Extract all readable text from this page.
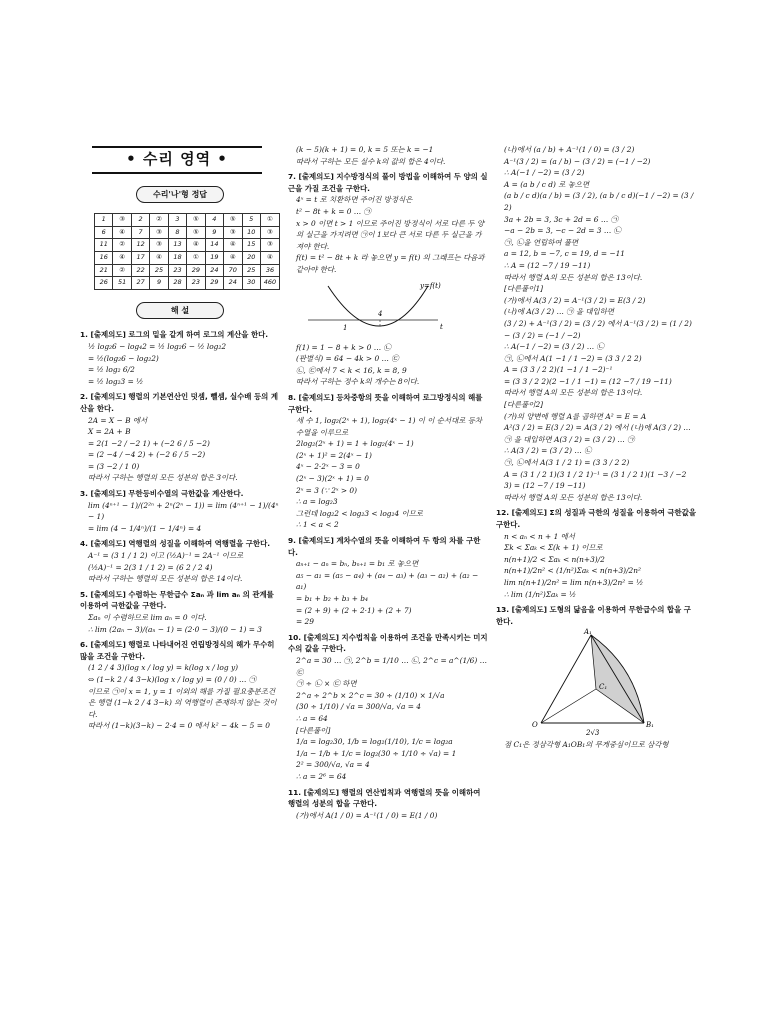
• 수리 영역 •
수리'나'형 정답
1	③	2	②	3	⑤	4	⑤	5	①
6	④	7	③	8	⑤	9	③	10	③
11	②	12	③	13	④	14	④	15	③
16	④	17	④	18	①	19	④	20	④
21	②	22	25	23	29	24	70	25	36
26	51	27	9	28	23	29	24	30	460
해 설
1. [출제의도] 로그의 밑을 같게 하여 로그의 계산을 한다.
½ log₂6 − log₄2 = ½ log₂6 − ½ log₂2
= ½(log₂6 − log₂2)
= ½ log₂ 6/2
= ½ log₂3 = ½
2. [출제의도] 행렬의 기본연산인 덧셈, 뺄셈, 실수배 등의 계산을 한다.
2A = X − B 에서
X = 2A + B
= 2(1 −2 / −2 1) + (−2 6 / 5 −2)
= (2 −4 / −4 2) + (−2 6 / 5 −2)
= (3 −2 / 1 0)
따라서 구하는 행렬의 모든 성분의 합은 3이다.
3. [출제의도] 무한등비수열의 극한값을 계산한다.
lim (4ⁿ⁺¹ − 1)/(2²ⁿ + 2ⁿ(2ⁿ − 1)) = lim (4ⁿ⁺¹ − 1)/(4ⁿ − 1)
= lim (4 − 1/4ⁿ)/(1 − 1/4ⁿ) = 4
4. [출제의도] 역행렬의 성질을 이해하여 역행렬을 구한다.
A⁻¹ = (3 1 / 1 2) 이고 (½A)⁻¹ = 2A⁻¹ 이므로
(½A)⁻¹ = 2(3 1 / 1 2) = (6 2 / 2 4)
따라서 구하는 행렬의 모든 성분의 합은 14이다.
5. [출제의도] 수렴하는 무한급수 Σaₙ 과 lim aₙ 의 관계를 이용하여 극한값을 구한다.
Σaₙ 이 수렴하므로 lim aₙ = 0 이다.
∴ lim (2aₙ − 3)/(aₙ − 1) = (2·0 − 3)/(0 − 1) = 3
6. [출제의도] 행렬로 나타내어진 연립방정식의 해가 무수히 많을 조건을 구한다.
(1 2 / 4 3)(log x / log y) = k(log x / log y)
⇔ (1−k 2 / 4 3−k)(log x / log y) = (0 / 0) … ㉠
이므로 ㉠이 x = 1, y = 1 이외의 해를 가질 필요충분조건은 행렬 (1−k 2 / 4 3−k) 의 역행렬이 존재하지 않는 것이다.
따라서 (1−k)(3−k) − 2·4 = 0 에서 k² − 4k − 5 = 0
(k − 5)(k + 1) = 0, k = 5 또는 k = −1
따라서 구하는 모든 실수 k의 값의 합은 4이다.
7. [출제의도] 지수방정식의 풀이 방법을 이해하여 두 양의 실근을 가질 조건을 구한다.
4ˣ = t 로 치환하면 주어진 방정식은
t² − 8t + k = 0 … ㉠
x > 0 이면 t > 1 이므로 주어진 방정식이 서로 다른 두 양의 실근을 가지려면 ㉠이 1보다 큰 서로 다른 두 실근을 가져야 한다.
f(t) = t² − 8t + k 라 놓으면 y = f(t) 의 그래프는 다음과 같아야 한다.
y=f(t)
1
4
t
f(1) = 1 − 8 + k > 0 … ㉡
(판별식) = 64 − 4k > 0 … ㉢
㉡, ㉢에서 7 < k < 16, k = 8, 9
따라서 구하는 정수 k의 개수는 8이다.
8. [출제의도] 등차중항의 뜻을 이해하여 로그방정식의 해를 구한다.
세 수 1, log₂(2ˣ + 1), log₂(4ˣ − 1) 이 이 순서대로 등차수열을 이루므로
2log₂(2ˣ + 1) = 1 + log₂(4ˣ − 1)
(2ˣ + 1)² = 2(4ˣ − 1)
4ˣ − 2·2ˣ − 3 = 0
(2ˣ − 3)(2ˣ + 1) = 0
2ˣ = 3 (∵ 2ˣ > 0)
∴ a = log₂3
그런데 log₂2 < log₂3 < log₂4 이므로
∴ 1 < a < 2
9. [출제의도] 계차수열의 뜻을 이해하여 두 항의 차를 구한다.
aₙ₊₁ − aₙ = bₙ, bₙ₊₁ = b₁ 로 놓으면
a₅ − a₁ = (a₅ − a₄) + (a₄ − a₃) + (a₃ − a₂) + (a₂ − a₁)
= b₁ + b₂ + b₃ + b₄
= (2 + 9) + (2 + 2·1) + (2 + 7)
= 29
10. [출제의도] 지수법칙을 이용하여 조건을 만족시키는 미지수의 값을 구한다.
2^a = 30 … ㉠, 2^b = 1/10 … ㉡, 2^c = a^(1/6) … ㉢
㉠ ÷ ㉡ × ㉢ 하면
2^a ÷ 2^b × 2^c = 30 ÷ (1/10) × 1/√a
(30 ÷ 1/10) / √a = 300/√a, √a = 4
∴ a = 64
[다른풀이]
1/a = log₂30, 1/b = log₂(1/10), 1/c = log₂a
1/a − 1/b + 1/c = log₂(30 ÷ 1/10 ÷ √a) = 1
2² = 300/√a, √a = 4
∴ a = 2⁶ = 64
11. [출제의도] 행렬의 연산법칙과 역행렬의 뜻을 이해하여 행렬의 성분의 합을 구한다.
(가)에서 A(1 / 0) = A⁻¹(1 / 0) = E(1 / 0)
(나)에서 (a / b) + A⁻¹(1 / 0) = (3 / 2)
A⁻¹(3 / 2) = (a / b) − (3 / 2) = (−1 / −2)
∴ A(−1 / −2) = (3 / 2)
A = (a b / c d) 로 놓으면
(a b / c d)(a / b) = (3 / 2), (a b / c d)(−1 / −2) = (3 / 2)
3a + 2b = 3, 3c + 2d = 6 … ㉠
−a − 2b = 3, −c − 2d = 3 … ㉡
㉠, ㉡을 연립하여 풀면
a = 12, b = −7, c = 19, d = −11
∴ A = (12 −7 / 19 −11)
따라서 행렬 A의 모든 성분의 합은 13이다.
[다른풀이1]
(가)에서 A(3 / 2) = A⁻¹(3 / 2) = E(3 / 2)
(나)에 A(3 / 2) … ㉠ 을 대입하면
(3 / 2) + A⁻¹(3 / 2) = (3 / 2) 에서 A⁻¹(3 / 2) = (1 / 2) − (3 / 2) = (−1 / −2)
∴ A(−1 / −2) = (3 / 2) … ㉡
㉠, ㉡에서 A(1 −1 / 1 −2) = (3 3 / 2 2)
A = (3 3 / 2 2)(1 −1 / 1 −2)⁻¹
= (3 3 / 2 2)(2 −1 / 1 −1) = (12 −7 / 19 −11)
따라서 행렬 A의 모든 성분의 합은 13이다.
[다른풀이2]
(가)의 양변에 행렬 A를 곱하면 A² = E = A
A²(3 / 2) = E(3 / 2) = A(3 / 2) 에서 (나)에 A(3 / 2) … ㉠ 을 대입하면 A(3 / 2) = (3 / 2) … ㉠
∴ A(3 / 2) = (3 / 2) … ㉡
㉠, ㉡에서 A(3 1 / 2 1) = (3 3 / 2 2)
A = (3 1 / 2 1)(3 1 / 2 1)⁻¹ = (3 1 / 2 1)(1 −3 / −2 3) = (12 −7 / 19 −11)
따라서 행렬 A의 모든 성분의 합은 13이다.
12. [출제의도] Σ의 성질과 극한의 성질을 이용하여 극한값을 구한다.
n < aₙ < n + 1 에서
Σk < Σaₖ < Σ(k + 1) 이므로
n(n+1)/2 < Σaₖ < n(n+3)/2
n(n+1)/2n² < (1/n²)Σaₖ < n(n+3)/2n²
lim n(n+1)/2n² = lim n(n+3)/2n² = ½
∴ lim (1/n²)Σaₖ = ½
13. [출제의도] 도형의 닮음을 이용하여 무한급수의 합을 구한다.
A₁
C₁
O	B₁
2√3
점 C₁은 정삼각형 A₁OB₁의 무게중심이므로 삼각형
